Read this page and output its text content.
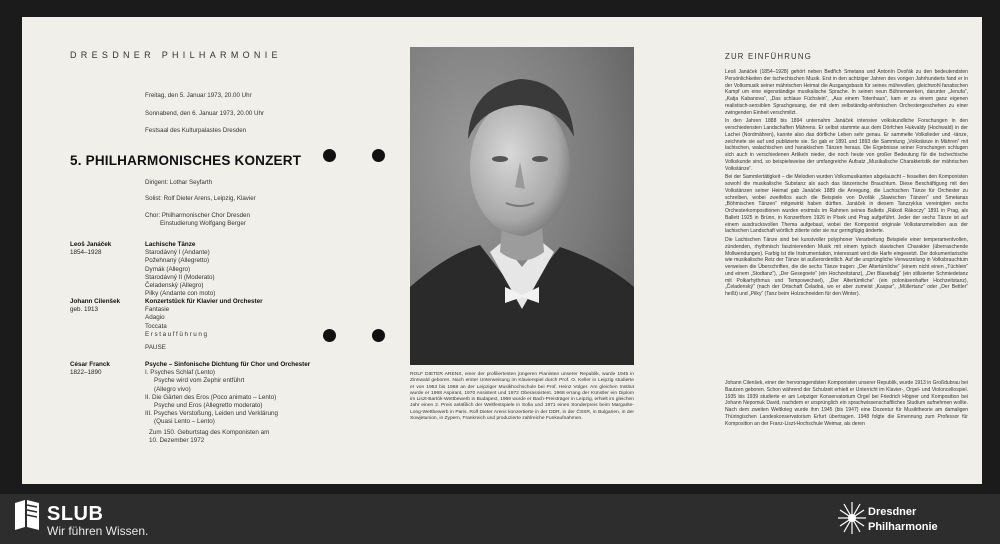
DRESDNER PHILHARMONIE
Freitag, den 5. Januar 1973, 20.00 Uhr
Sonnabend, den 6. Januar 1973, 20.00 Uhr
Festsaal des Kulturpalastes Dresden
5. PHILHARMONISCHES KONZERT
Dirigent: Lothar Seyfarth
Solist: Rolf Dieter Arens, Leipzig, Klavier
Chor: Philharmonischer Chor Dresden
Einstudierung Wolfgang Berger
Leoš Janáček
1854–1928
Lachische Tänze
Starodávný I (Andante)
Požehnaný (Allegretto)
Dymák (Allegro)
Starodávný II (Moderato)
Čeladenský (Allegro)
Pilky (Andante con moto)
Johann Cilenšek
geb. 1913
Konzertstück für Klavier und Orchester
Fantasie
Adagio
Toccata
Erstaufführung
PAUSE
César Franck
1822–1890
Psyche – Sinfonische Dichtung für Chor und Orchester
I. Psyches Schlaf (Lento)
Psyche wird vom Zephir entführt
(Allegro vivo)
II. Die Gärten des Eros (Poco animato – Lento)
Psyche und Eros (Allegretto moderato)
III. Psyches Verstoßung, Leiden und Verklärung
(Quasi Lento – Lento)
Zum 150. Geburtstag des Komponisten am
10. Dezember 1972
ROLF DIETER ARENS, einer der profiliertesten jüngeren Pianisten unserer Republik, wurde 1945 in Zinnwald geboren. Nach erster Unterweisung im Klavierspiel durch Prof. O. Keller in Leipzig studierte er von 1963 bis 1968 an der Leipziger Musikhochschule bei Prof. Heinz Volger. Am gleichen Institut wurde er 1968 Aspirant, 1970 Assistent und 1972 Oberassistent. 1968 errang der Künstler ein Diplom im Liszt-Bartók-Wettbewerb in Budapest, 1969 wurde er Bach-Preisträger in Leipzig, erhielt im gleichen Jahr einen 2. Preis anläßlich der Weltfestspiele in Sofia und 1971 einen Sonderpreis beim Margarite-Long-Wettbewerb in Paris. Rolf Dieter Arens konzertierte in der DDR, in der ČSSR, in Bulgarien, in der Sowjetunion, in Zypern, Frankreich und produzierte zahlreiche Funkaufnahmen.
ZUR EINFÜHRUNG

Leoš Janáček (1854–1928) gehört neben Bedřich Smetana und Antonín Dvořák zu den bedeutendsten Persönlichkeiten der tschechischen Musik. Erst in den achtziger Jahren des vorigen Jahrhunderts fand er in der Volksmusik seiner mährischen Heimat die Ausgangsbasis für seines mühevollen, gleichwohl fanatischen Kampf um eine eigenständige musikalische Sprache. In seinen neun Bühnenwerken, darunter „Jenufa“, „Katja Kabanova“, „Das schlaue Füchslein“, „Aus einem Totenhaus“, kam er zu einem ganz eigenen realistisch-sensiblen Sprachgesang, der mit dem selbständig-sinfonischen Orchestergeschehen zu einer zwingenden Einheit verschmilzt.

In den Jahren 1888 bis 1894 unternahm Janáček intensive volkskundliche Forschungen in den verschiedensten Landschaften Mährens. Er selbst stammte aus dem Dörfchen Hukvaldy (Hochwald) in der Lachei (Nordmähren), kannte also das dörfliche Leben sehr genau. Er sammelte Volkslieder und -tänze, zeichnete sie auf und publizierte sie. So gab er 1891 und 1893 die Sammlung „Volkstänze in Mähren“ mit lachischen, walachischen und hanakischen Tänzen heraus. Die Ergebnisse seiner Forschungen schlugen sich auch in verschiedenen Artikeln nieder, die noch heute von großer Bedeutung für die tschechische Volkskunde sind, so beispielsweise der umfangreiche Aufsatz „Musikalische Charakteristik der mährischen Volkstänze“.

Bei der Sammlertätigkeit – die Melodien wurden Volksmusikanten abgelauscht – fesselten den Komponisten sowohl die musikalische Substanz als auch das tänzerische Brauchtum. Diese Beschäftigung mit den Volkstänzen seiner Heimat gab Janáček 1889 die Anregung, die Lachischen Tänze für Orchester zu schreiben, wobei zweifellos auch die Beispiele von Dvořák „Slawischen Tänzen“ und Smetanas „Böhmischen Tänzen“ mitgewirkt haben dürften. Janáček in diesem Tanzzyklus vereinigten sechs Orchesterkompositionen wurden erstmals im Rahmen seines Balletts „Rákoš Rákoczy“ 1891 in Prag, als Ballett 1925 in Brünn, in Konzertform 1926 in Písek und Prag aufgeführt. Jeder der sechs Tänze ist auf einem ausdrucksvollen Thema aufgebaut, wobei der Komponist originale Volkstanzmelodien aus der lachischen Landschaft wörtlich zitierte oder sie nur geringfügig änderte.

Die Lachischen Tänze sind bei kunstvoller polyphoner Verarbeitung Beispiele einer temperamentvollen, zündenden, rhythmisch faszinierenden Musik mit einem typisch slawischen Charakter (überraschende Mollwendungen). Farbig ist die Instrumentation, interessant wird die Harfe eingesetzt. Der dokumentarische wie musikalische Reiz der Tänze ist außerordentlich. Auf die ursprüngliche Verwurzelung in Volksbrauchtum verweisen die Überschriften, die die sechs Tänze tragen: „Der Altertümliche“ (einem nicht einen „Tüchlein“ und einem „Stodtanz“), „Der Gesegnete“ (ein Hochzeitstanz), „Der Blasebalg“ (ein stilisierter Schmiedetanz mit Polkarhythmus und Tempowechsel), „Der Altertümliche“ (ein polonäsenhafter Hochzeitstanz), „Čeladenský“ (nach der Ortschaft Čeladná, wo er aber zumeist „Kaspar“, „Müllertanz“ oder „Der Bettler“ heißt) und „Pilky“ (Tanz beim Holzschneiden für den Winter).

Johann Cilenšek, einer der hervorragendsten Komponisten unserer Republik, wurde 1913 in Großdubrau bei Bautzen geboren. Schon während der Schulzeit erhielt er Unterricht im Klavier-, Orgel- und Violoncellospiel. 1935 bis 1939 studierte er am Leipziger Konservatorium Orgel bei Friedrich Högner und Komposition bei Johann Nepomuk David, nachdem er ursprünglich ein sprachwissenschaftliches Studium aufnehmen wollte. Nach dem zweiten Weltkrieg wurde ihm 1945 (bis 1947) eine Dozentur für Musiktheorie am damaligen Thüringischen Landeskonservatorium Erfurt übertragen. 1948 folgte die Ernennung zum Professor für Komposition an der Franz-Liszt-Hochschule Weimar, als deren

SLUB
Wir führen Wissen.
Dresdner
Philharmonie
